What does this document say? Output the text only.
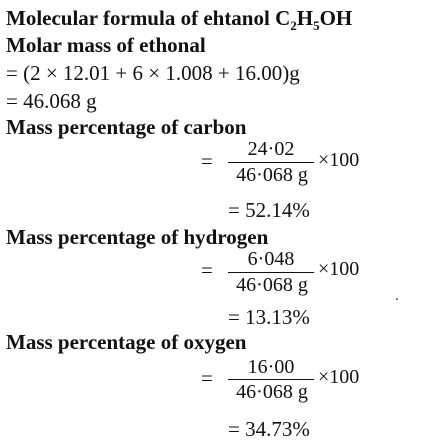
Molecular formula of ehtanol $C_2H_5OH$
Molar mass of ethonal
= (2 × 12.01 + 6 × 1.008 + 16.00)g
= 46.068 g
Mass percentage of carbon
=	24·02
46·068 g
×100
= 52.14%
Mass percentage of hydrogen
=	6·048
46·068 g
×100
= 13.13%
Mass percentage of oxygen
=	16·00
46·068 g
×100
= 34.73%
